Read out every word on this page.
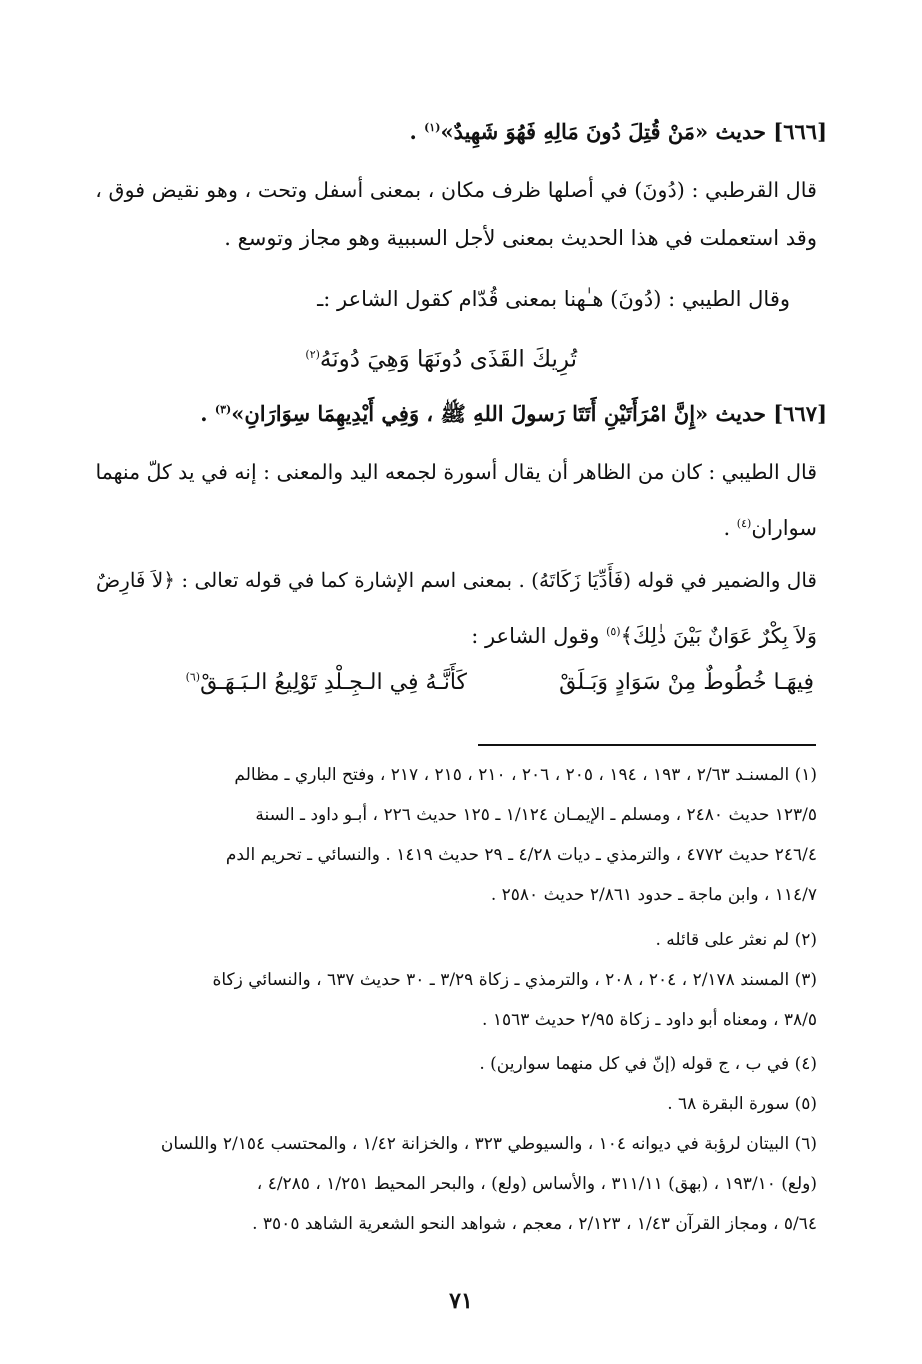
[٦٦٦] حديث «مَنْ قُتِلَ دُونَ مَالِهِ فَهُوَ شَهِيدٌ»$^{(١)}$ .
قال القرطبي : (دُونَ) في أصلها ظرف مكان ، بمعنى أسفل وتحت ، وهو نقيض فوق ،
وقد استعملت في هذا الحديث بمعنى لأجل السببية وهو مجاز وتوسع .
وقال الطيبي : (دُونَ) هـٰهنا بمعنى قُدّام كقول الشاعر :ـ
تُرِيكَ القَذَى دُونَهَا وَهِيَ دُونَهُ$^{(٢)}$
[٦٦٧] حديث «إِنَّ امْرَأَتَيْنِ أَتَتَا رَسولَ اللهِ ﷺ ، وَفِي أَيْدِيهِمَا سِوَارَانِ»$^{(٣)}$ .
قال الطيبي : كان من الظاهر أن يقال أسورة لجمعه اليد والمعنى : إنه في يد كلّ منهما
سواران$^{(٤)}$ .
قال والضمير في قوله (فَأَدِّيَا زَكَاتَهُ) . بمعنى اسم الإشارة كما في قوله تعالى : ﴿لاَ فَارِضٌ
وَلاَ بِكْرٌ عَوَانٌ بَيْنَ ذٰلِكَ﴾$^{(٥)}$ وقول الشاعر :
فِيهَـا خُطُوطٌ مِنْ سَوَادٍ وَبَـلَقْ
كَأَنَّـهُ فِي الـجِـلْدِ تَوْلِيعُ الـبَـهَـقْ$^{(٦)}$
(١) المسنـد ٢/٦٣ ، ١٩٣ ، ١٩٤ ، ٢٠٥ ، ٢٠٦ ، ٢١٠ ، ٢١٥ ، ٢١٧ ، وفتح الباري ـ مظالم
١٢٣/٥ حديث ٢٤٨٠ ، ومسلم ـ الإيمـان ١/١٢٤ ـ ١٢٥ حديث ٢٢٦ ، أبـو داود ـ السنة
٢٤٦/٤ حديث ٤٧٧٢ ، والترمذي ـ ديات ٤/٢٨ ـ ٢٩ حديث ١٤١٩ . والنسائي ـ تحريم الدم
١١٤/٧ ، وابن ماجة ـ حدود ٢/٨٦١ حديث ٢٥٨٠ .
(٢) لم نعثر على قائله .
(٣) المسند ٢/١٧٨ ، ٢٠٤ ، ٢٠٨ ، والترمذي ـ زكاة ٣/٢٩ ـ ٣٠ حديث ٦٣٧ ، والنسائي زكاة
٣٨/٥ ، ومعناه أبو داود ـ زكاة ٢/٩٥ حديث ١٥٦٣ .
(٤) في ب ، ج قوله (إنّ في كل منهما سوارين) .
(٥) سورة البقرة ٦٨ .
(٦) البيتان لرؤبة في ديوانه ١٠٤ ، والسيوطي ٣٢٣ ، والخزانة ١/٤٢ ، والمحتسب ٢/١٥٤ واللسان
(ولع) ١٩٣/١٠ ، (بهق) ٣١١/١١ ، والأساس (ولع) ، والبحر المحيط ١/٢٥١ ، ٤/٢٨٥ ،
٥/٦٤ ، ومجاز القرآن ١/٤٣ ، ٢/١٢٣ ، معجم ، شواهد النحو الشعرية الشاهد ٣٥٠٥ .
٧١
